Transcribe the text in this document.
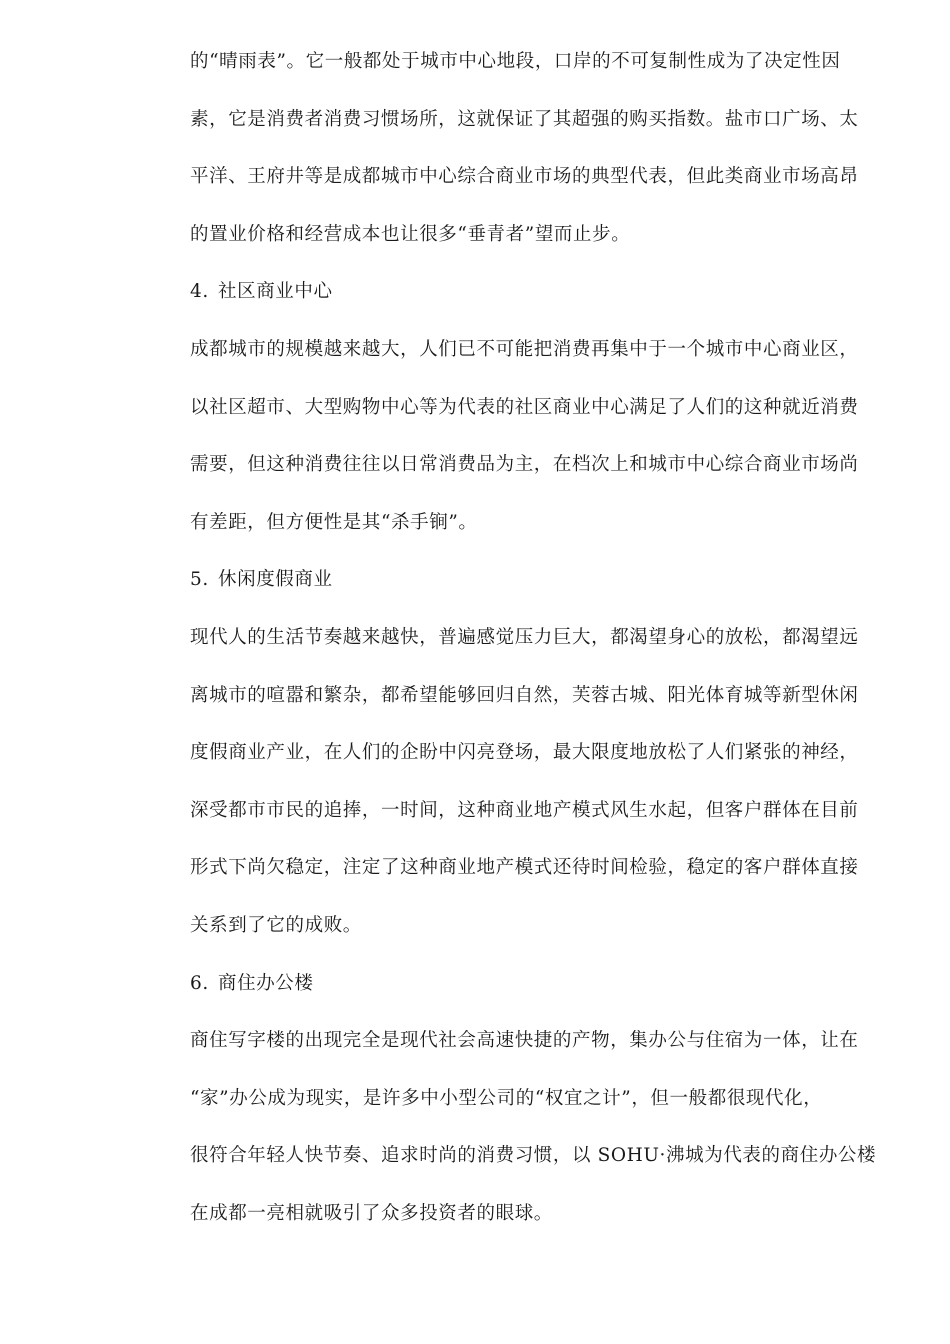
的“晴雨表”。它一般都处于城市中心地段，口岸的不可复制性成为了决定性因
素，它是消费者消费习惯场所，这就保证了其超强的购买指数。盐市口广场、太
平洋、王府井等是成都城市中心综合商业市场的典型代表，但此类商业市场高昂
的置业价格和经营成本也让很多“垂青者”望而止步。
4. 社区商业中心
成都城市的规模越来越大，人们已不可能把消费再集中于一个城市中心商业区，
以社区超市、大型购物中心等为代表的社区商业中心满足了人们的这种就近消费
需要，但这种消费往往以日常消费品为主，在档次上和城市中心综合商业市场尚
有差距，但方便性是其“杀手锏”。
5. 休闲度假商业
现代人的生活节奏越来越快，普遍感觉压力巨大，都渴望身心的放松，都渴望远
离城市的喧嚣和繁杂，都希望能够回归自然，芙蓉古城、阳光体育城等新型休闲
度假商业产业，在人们的企盼中闪亮登场，最大限度地放松了人们紧张的神经，
深受都市市民的追捧，一时间，这种商业地产模式风生水起，但客户群体在目前
形式下尚欠稳定，注定了这种商业地产模式还待时间检验，稳定的客户群体直接
关系到了它的成败。
6. 商住办公楼
商住写字楼的出现完全是现代社会高速快捷的产物，集办公与住宿为一体，让在
“家”办公成为现实，是许多中小型公司的“权宜之计”，但一般都很现代化，
很符合年轻人快节奏、追求时尚的消费习惯，以 SOHU·沸城为代表的商住办公楼
在成都一亮相就吸引了众多投资者的眼球。
